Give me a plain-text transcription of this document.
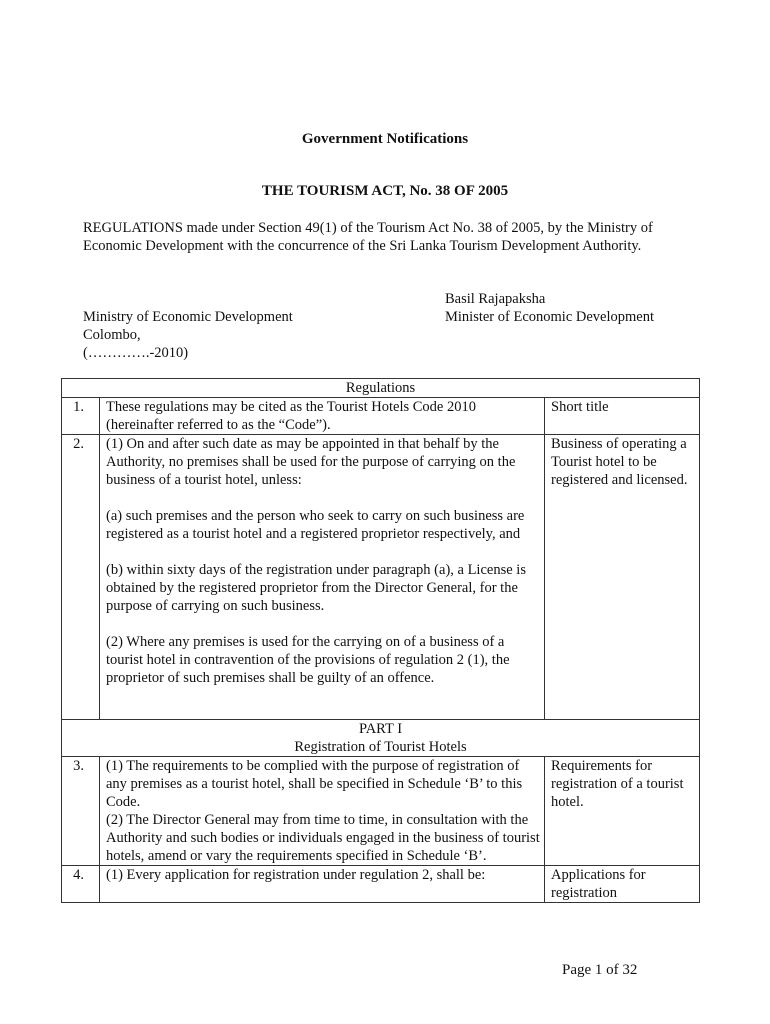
Government Notifications
THE TOURISM ACT, No. 38 OF 2005
REGULATIONS made under Section 49(1) of the Tourism Act No. 38 of 2005, by the Ministry of Economic Development with the concurrence of the Sri Lanka Tourism Development Authority.
Basil Rajapaksha
Minister of Economic Development
Ministry of Economic Development
Colombo,
(………….-2010)
Regulations		
1.	These regulations may be cited as the Tourist Hotels Code 2010 (hereinafter referred to as the “Code”).	Short title
2.	(1) On and after such date as may be appointed in that behalf by the Authority, no premises shall be used for the purpose of carrying on the business of a tourist hotel, unless:

(a) such premises and the person who seek to carry on such business are registered as a tourist hotel and a registered proprietor respectively, and

(b) within sixty days of the registration under paragraph (a), a License is obtained by the registered proprietor from the Director General, for the purpose of carrying on such business.

(2) Where any premises is used for the carrying on of a business of a tourist hotel in contravention of the provisions of regulation 2 (1), the proprietor of such premises shall be guilty of an offence.	Business of operating a Tourist hotel to be registered and licensed.

PART I
Registration of Tourist Hotels		

3.	(1) The requirements to be complied with the purpose of registration of any premises as a tourist hotel, shall be specified in Schedule ‘B’ to this Code.

(2) The Director General may from time to time, in consultation with the Authority and such bodies or individuals engaged in the business of tourist hotels, amend or vary the requirements specified in Schedule ‘B’.	Requirements for registration of a tourist hotel.
4.	(1) Every application for registration under regulation 2, shall be:	Applications for registration
Page 1 of 32
